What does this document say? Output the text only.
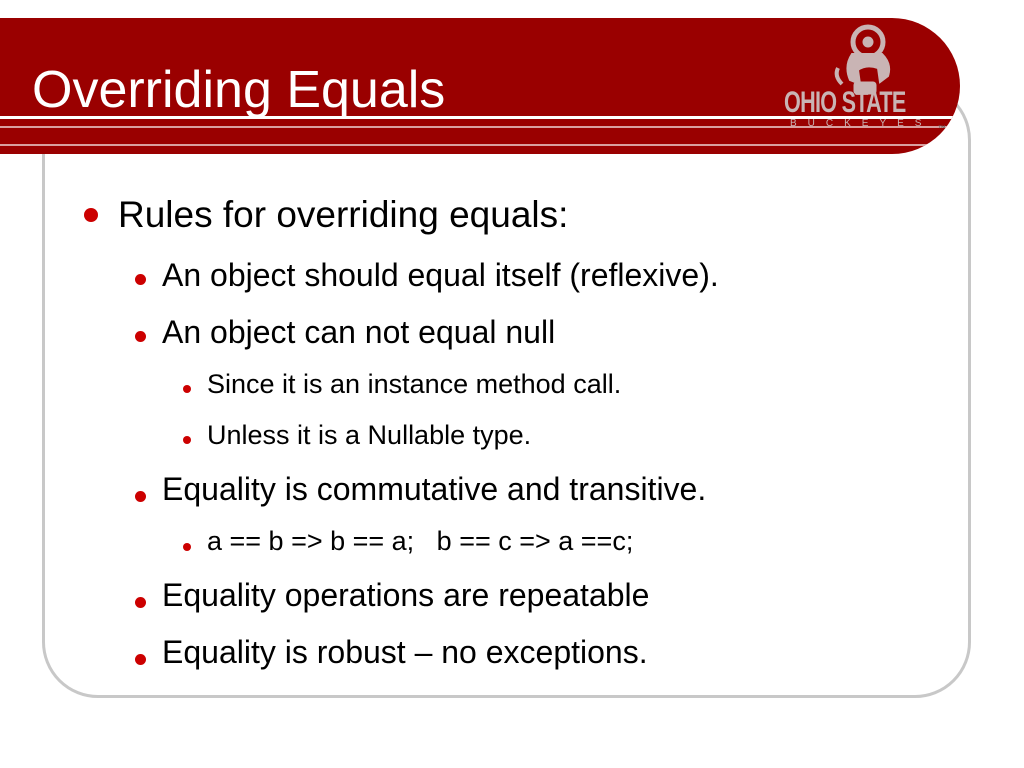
Overriding Equals	OHIO STATE
BUCKEYES ™
Rules for overriding equals:
An object should equal itself (reflexive).
An object can not equal null
Since it is an instance method call.
Unless it is a Nullable type.
Equality is commutative and transitive.
a == b => b == a;   b == c => a ==c;
Equality operations are repeatable
Equality is robust – no exceptions.
